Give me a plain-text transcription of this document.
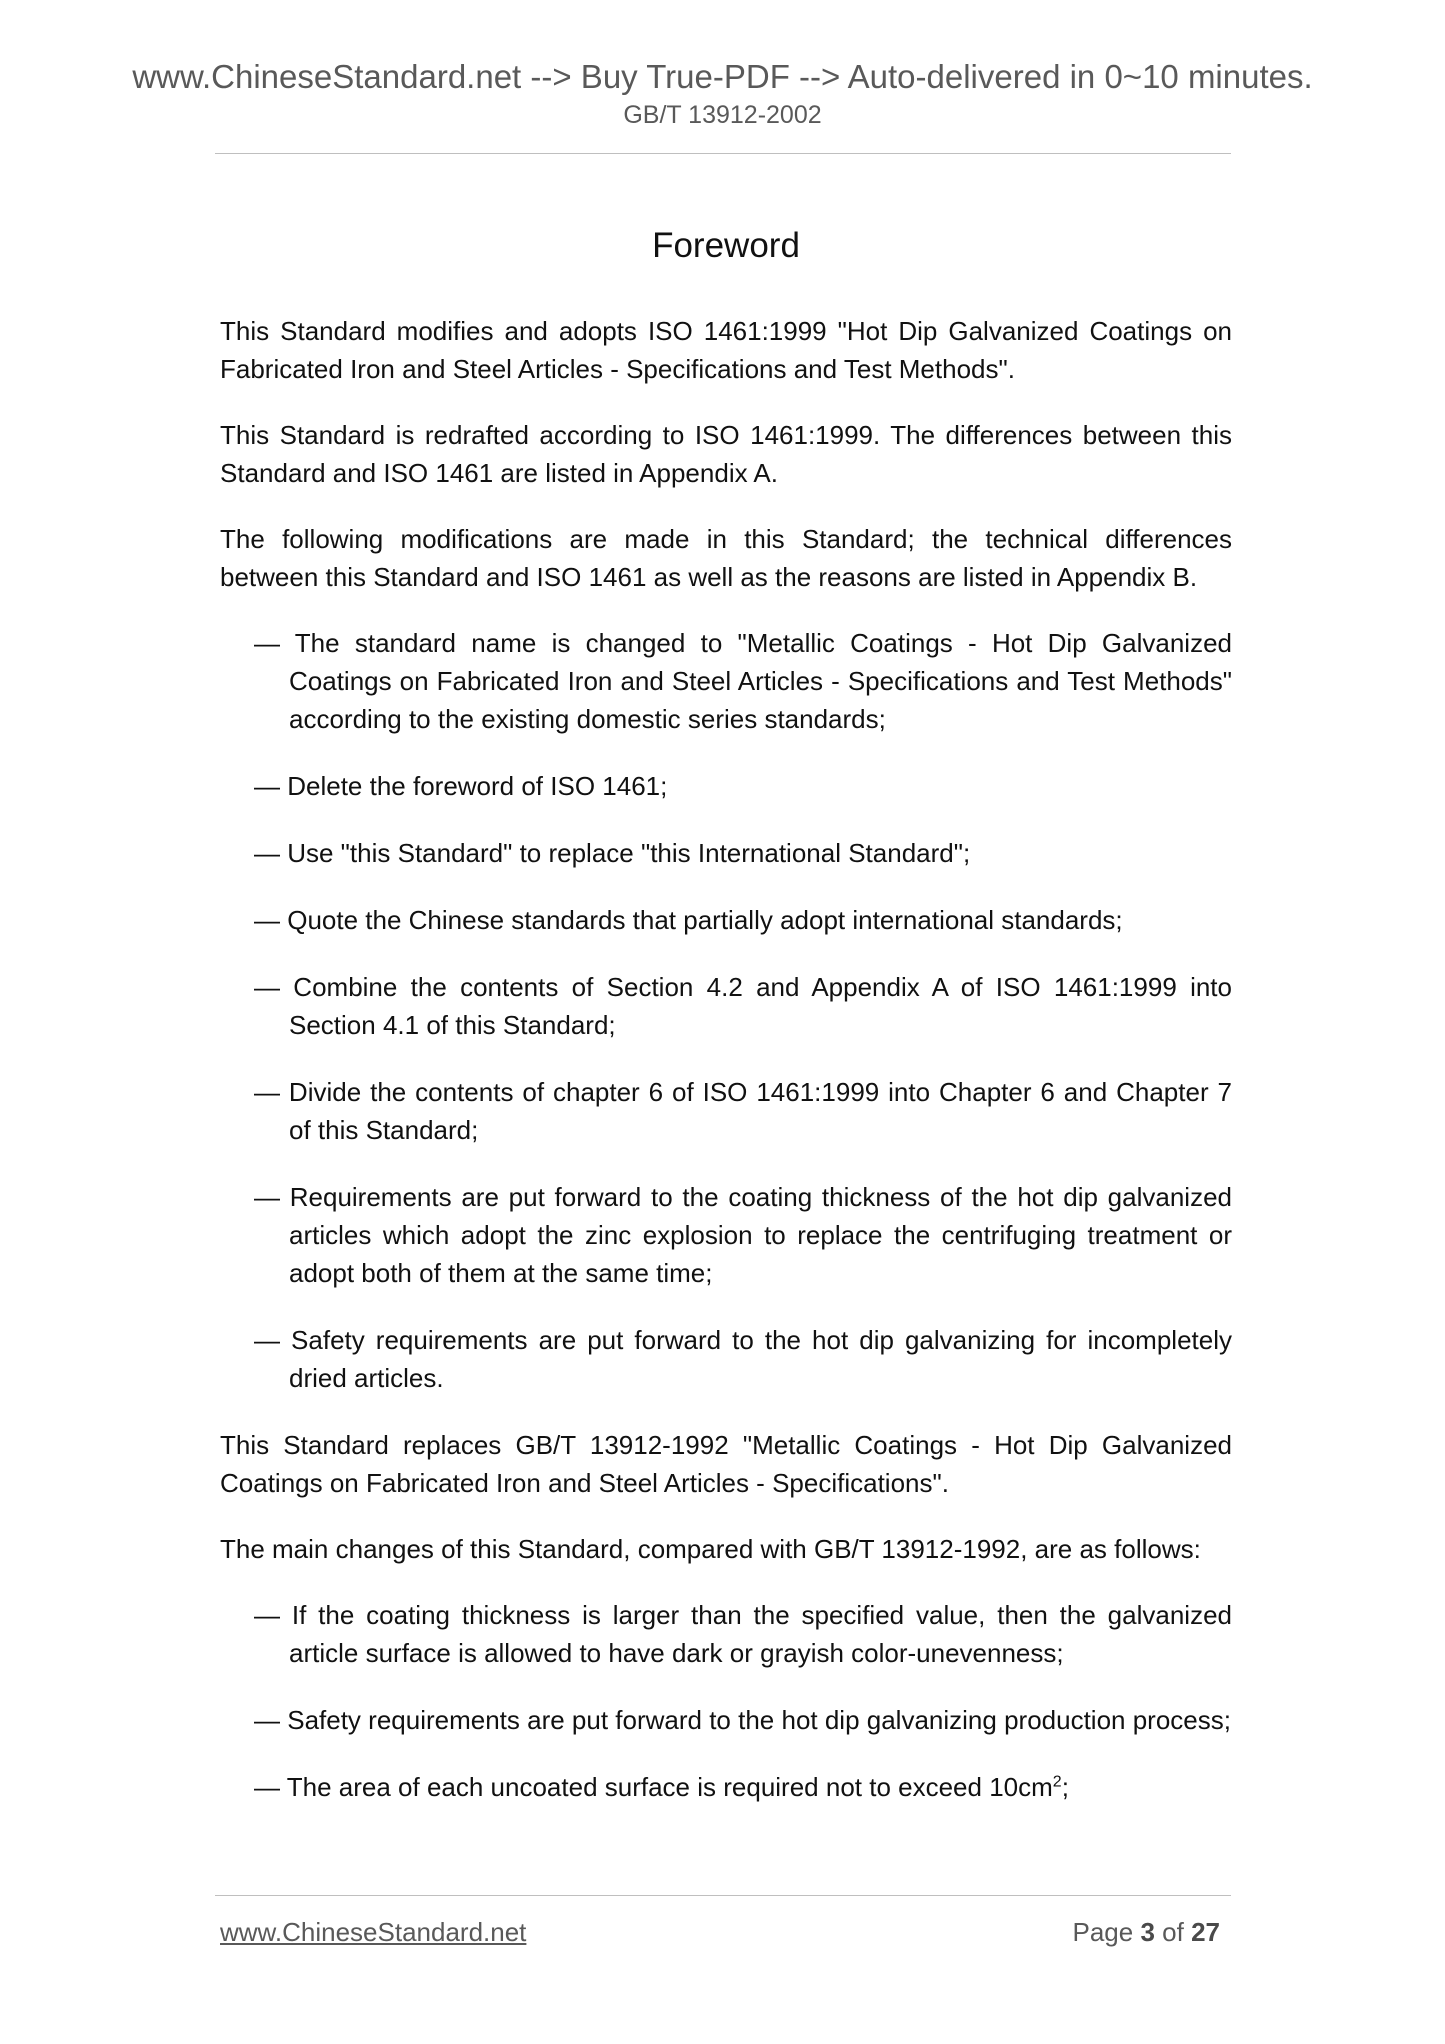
www.ChineseStandard.net --> Buy True-PDF --> Auto-delivered in 0~10 minutes.
GB/T 13912-2002
Foreword

This Standard modifies and adopts ISO 1461:1999 "Hot Dip Galvanized Coatings on Fabricated Iron and Steel Articles - Specifications and Test Methods".

This Standard is redrafted according to ISO 1461:1999. The differences between this Standard and ISO 1461 are listed in Appendix A.

The following modifications are made in this Standard; the technical differences between this Standard and ISO 1461 as well as the reasons are listed in Appendix B.

— The standard name is changed to "Metallic Coatings - Hot Dip Galvanized Coatings on Fabricated Iron and Steel Articles - Specifications and Test Methods" according to the existing domestic series standards;

— Delete the foreword of ISO 1461;

— Use "this Standard" to replace "this International Standard";

— Quote the Chinese standards that partially adopt international standards;

— Combine the contents of Section 4.2 and Appendix A of ISO 1461:1999 into Section 4.1 of this Standard;

— Divide the contents of chapter 6 of ISO 1461:1999 into Chapter 6 and Chapter 7 of this Standard;

— Requirements are put forward to the coating thickness of the hot dip galvanized articles which adopt the zinc explosion to replace the centrifuging treatment or adopt both of them at the same time;

— Safety requirements are put forward to the hot dip galvanizing for incompletely dried articles.

This Standard replaces GB/T 13912-1992 "Metallic Coatings - Hot Dip Galvanized Coatings on Fabricated Iron and Steel Articles - Specifications".

The main changes of this Standard, compared with GB/T 13912-1992, are as follows:

— If the coating thickness is larger than the specified value, then the galvanized article surface is allowed to have dark or grayish color-unevenness;

— Safety requirements are put forward to the hot dip galvanizing production process;

— The area of each uncoated surface is required not to exceed $10cm^2$;

www.ChineseStandard.net	Page 3 of 27
